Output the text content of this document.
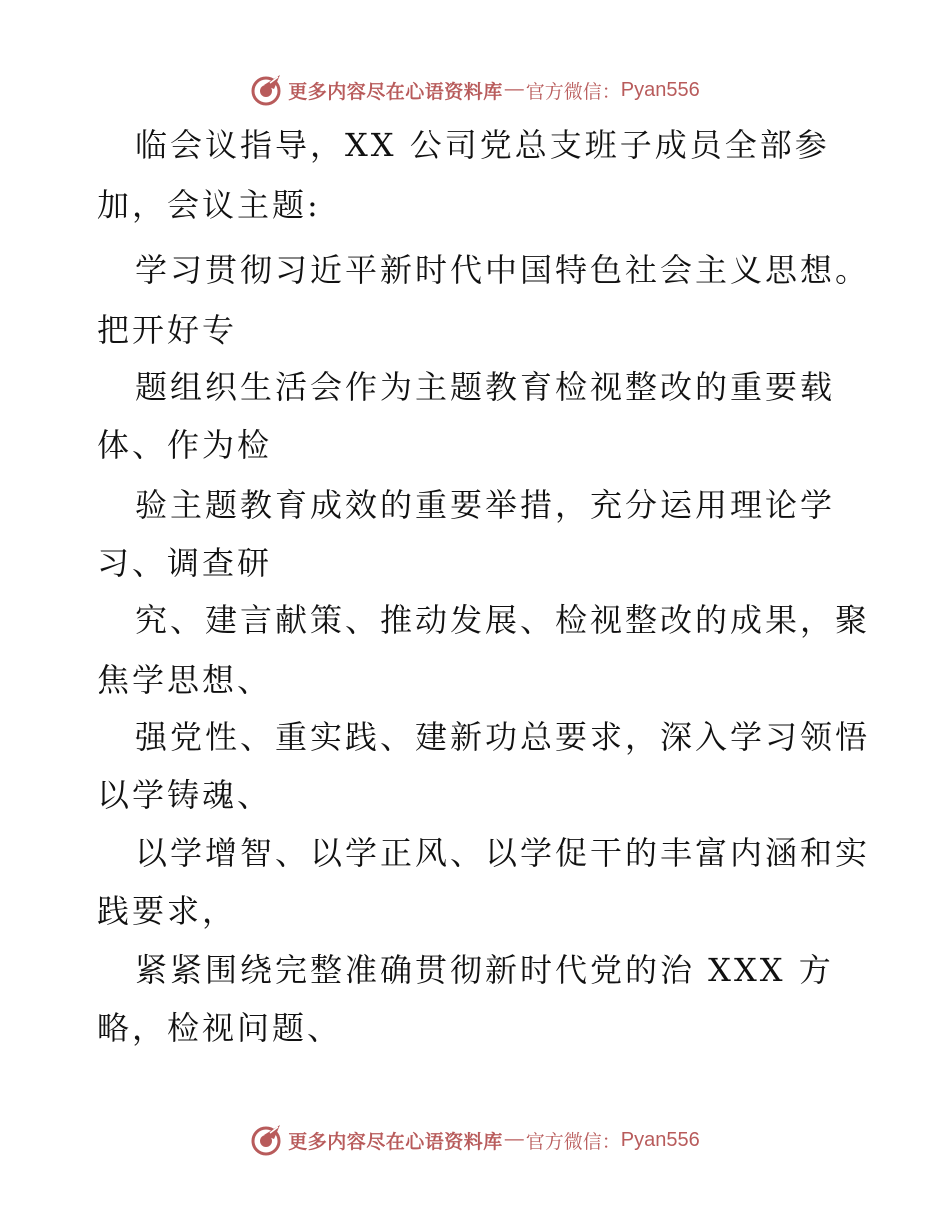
更多内容尽在心语资料库 — 官方微信： Pyan556
临会议指导，XX 公司党总支班子成员全部参
加，会议主题:
学习贯彻习近平新时代中国特色社会主义思想。
把开好专
题组织生活会作为主题教育检视整改的重要载
体、作为检
验主题教育成效的重要举措，充分运用理论学
习、调查研
究、建言献策、推动发展、检视整改的成果，聚
焦学思想、
强党性、重实践、建新功总要求，深入学习领悟
以学铸魂、
以学增智、以学正风、以学促干的丰富内涵和实
践要求，
紧紧围绕完整准确贯彻新时代党的治 XXX 方
略，检视问题、
更多内容尽在心语资料库 — 官方微信： Pyan556
